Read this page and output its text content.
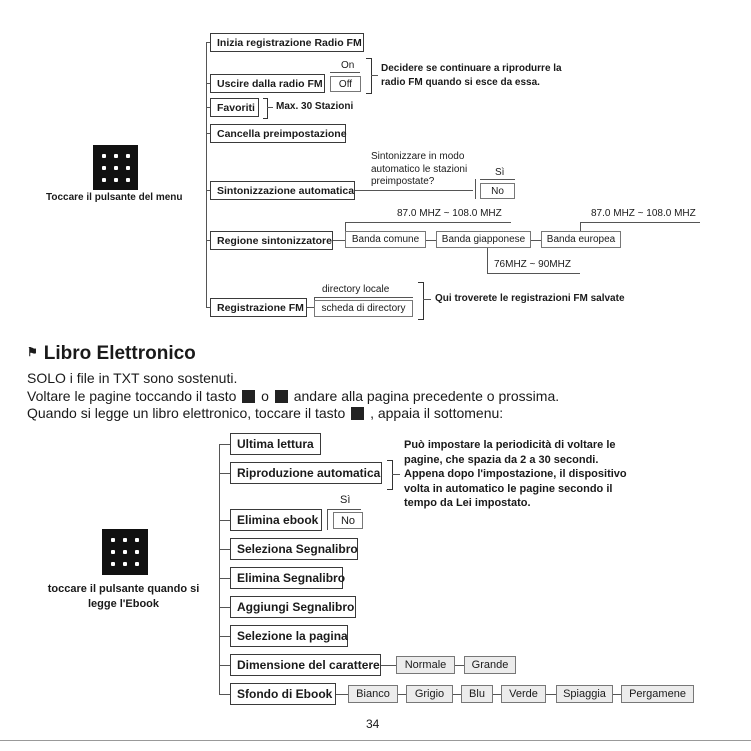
Toccare il pulsante del menu
Inizia registrazione Radio FM
Uscire dalla radio FM
On
Off
Decidere se continuare a riprodurre la radio FM quando si esce da essa.
Favoriti	Max. 30 Stazioni
Cancella preimpostazione
Sintonizzazione automatica
Sintonizzare in modo automatico le stazioni preimpostate?
Sì
No
Regione sintonizzatore	Banda comune	Banda giapponese	Banda europea
87.0 MHZ ~ 108.0 MHZ	87.0 MHZ ~ 108.0 MHZ
76MHZ ~ 90MHZ
Registrazione FM
directory locale
scheda di directory
Qui troverete le registrazioni FM salvate
⚑ Libro Elettronico
SOLO i file in TXT sono sostenuti.
Voltare le pagine toccando il tasto o andare alla pagina precedente o prossima.
Quando si legge un libro elettronico, toccare il tasto , appaia il sottomenu:
toccare il pulsante quando si legge l'Ebook
Ultima lettura
Riproduzione automatica
Può impostare la periodicità di voltare le pagine, che spazia da 2 a 30 secondi. Appena dopo l'impostazione, il dispositivo volta in automatico le pagine secondo il tempo da Lei impostato.
Elimina ebook
Sì
No
Seleziona Segnalibro
Elimina Segnalibro
Aggiungi Segnalibro
Selezione la pagina
Dimensione del carattere	Normale	Grande
Sfondo di Ebook	Bianco	Grigio	Blu	Verde	Spiaggia	Pergamene
34
